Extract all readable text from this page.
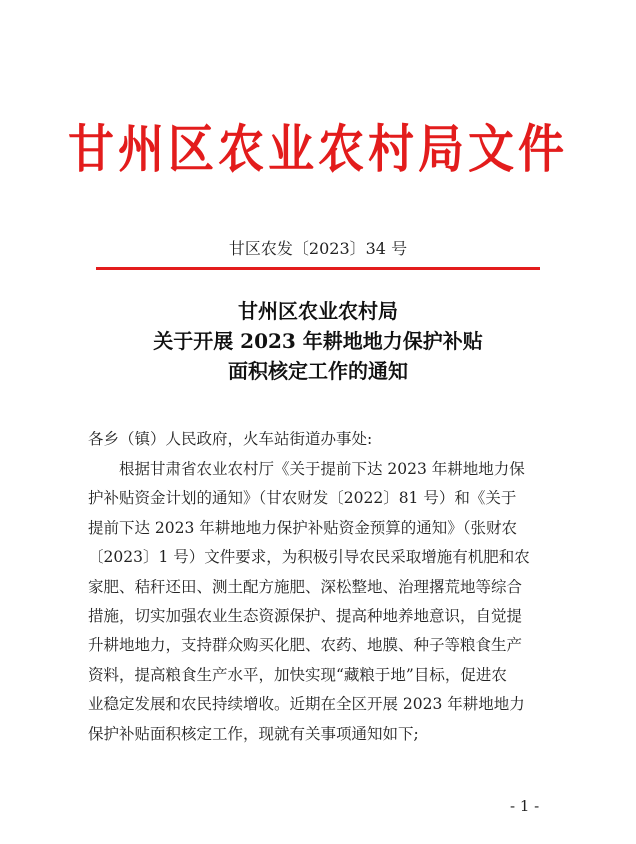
甘州区农业农村局文件
甘区农发〔2023〕34 号
甘州区农业农村局
关于开展 2023 年耕地地力保护补贴
面积核定工作的通知
各乡（镇）人民政府，火车站街道办事处:
根据甘肃省农业农村厅《关于提前下达 2023 年耕地地力保
护补贴资金计划的通知》（甘农财发〔2022〕81 号）和《关于
提前下达 2023 年耕地地力保护补贴资金预算的通知》（张财农
〔2023〕1 号）文件要求，为积极引导农民采取增施有机肥和农
家肥、秸秆还田、测土配方施肥、深松整地、治理撂荒地等综合
措施，切实加强农业生态资源保护、提高种地养地意识，自觉提
升耕地地力，支持群众购买化肥、农药、地膜、种子等粮食生产
资料，提高粮食生产水平，加快实现“藏粮于地”目标，促进农
业稳定发展和农民持续增收。近期在全区开展 2023 年耕地地力
保护补贴面积核定工作，现就有关事项通知如下;
- 1 -
